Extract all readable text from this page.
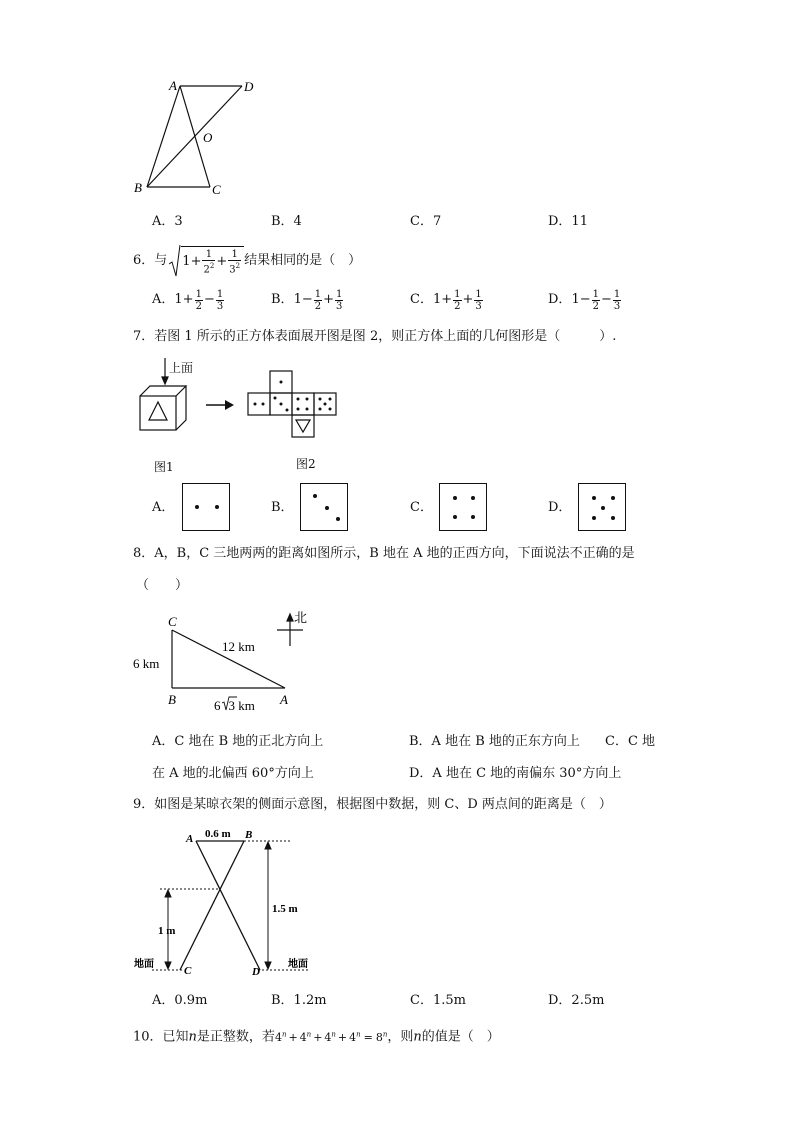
A	D
O
B	C
A．3	B．4	C．7	D．11
6． 与 $1 + \frac{1}{2^2} + \frac{1}{3^2}$ 结果相同的是（　）
A． $1 + \frac{1}{2} - \frac{1}{3}$	B． $1 - \frac{1}{2} + \frac{1}{3}$	C． $1 + \frac{1}{2} + \frac{1}{3}$	D． $1 - \frac{1}{2} - \frac{1}{3}$
7．若图 1 所示的正方体表面展开图是图 2，则正方体上面的几何图形是（　　　）.
上面
图1	图2
A．	B．	C．	D．
8．A，B，C 三地两两的距离如图所示，B 地在 A 地的正西方向，下面说法不正确的是
（　　）
C
B	A
北
6 km
12 km
6 3 km
A．C 地在 B 地的正北方向上	B．A 地在 B 地的正东方向上 C．C 地
在 A 地的北偏西 60°方向上	D．A 地在 C 地的南偏东 30°方向上
9．如图是某晾衣架的侧面示意图，根据图中数据，则 C、D 两点间的距离是（　）
A	B
0.6 m
1 m
1.5 m
C	D
地面	地面
A．0.9m	B．1.2m	C．1.5m	D．2.5m
10．已知n是正整数，若$4^n + 4^n + 4^n + 4^n = 8^n$，则n的值是（　）
